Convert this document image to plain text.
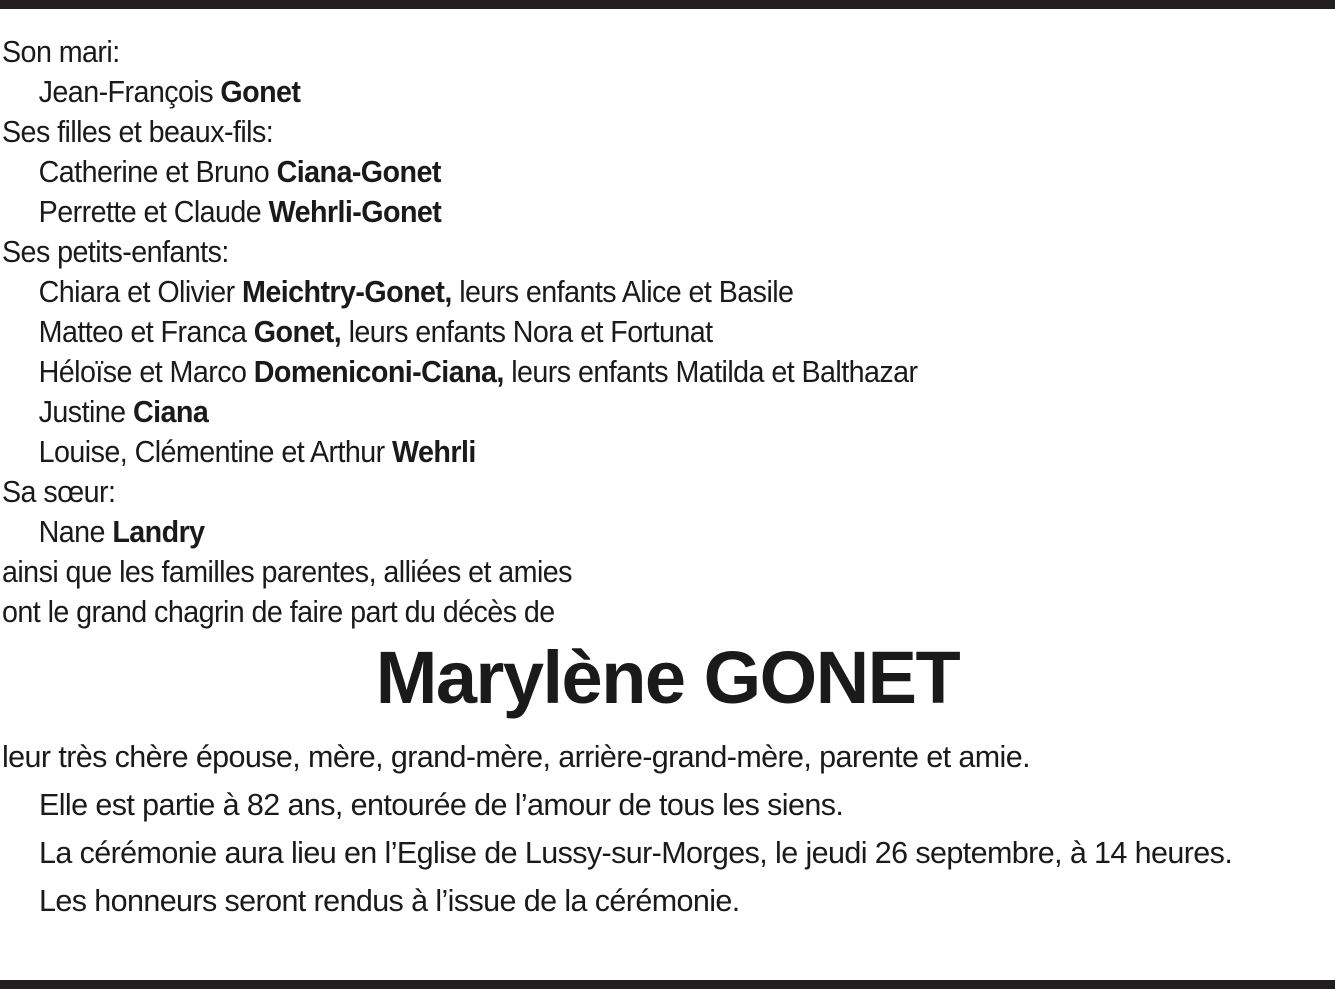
Son mari:
Jean-François Gonet
Ses filles et beaux-fils:
Catherine et Bruno Ciana-Gonet
Perrette et Claude Wehrli-Gonet
Ses petits-enfants:
Chiara et Olivier Meichtry-Gonet, leurs enfants Alice et Basile
Matteo et Franca Gonet, leurs enfants Nora et Fortunat
Héloïse et Marco Domeniconi-Ciana, leurs enfants Matilda et Balthazar
Justine Ciana
Louise, Clémentine et Arthur Wehrli
Sa sœur:
Nane Landry
ainsi que les familles parentes, alliées et amies
ont le grand chagrin de faire part du décès de
Marylène GONET

leur très chère épouse, mère, grand-mère, arrière-grand-mère, parente et amie.

Elle est partie à 82 ans, entourée de l’amour de tous les siens.

La cérémonie aura lieu en l’Eglise de Lussy-sur-Morges, le jeudi 26 septembre, à 14 heures.

Les honneurs seront rendus à l’issue de la cérémonie.
